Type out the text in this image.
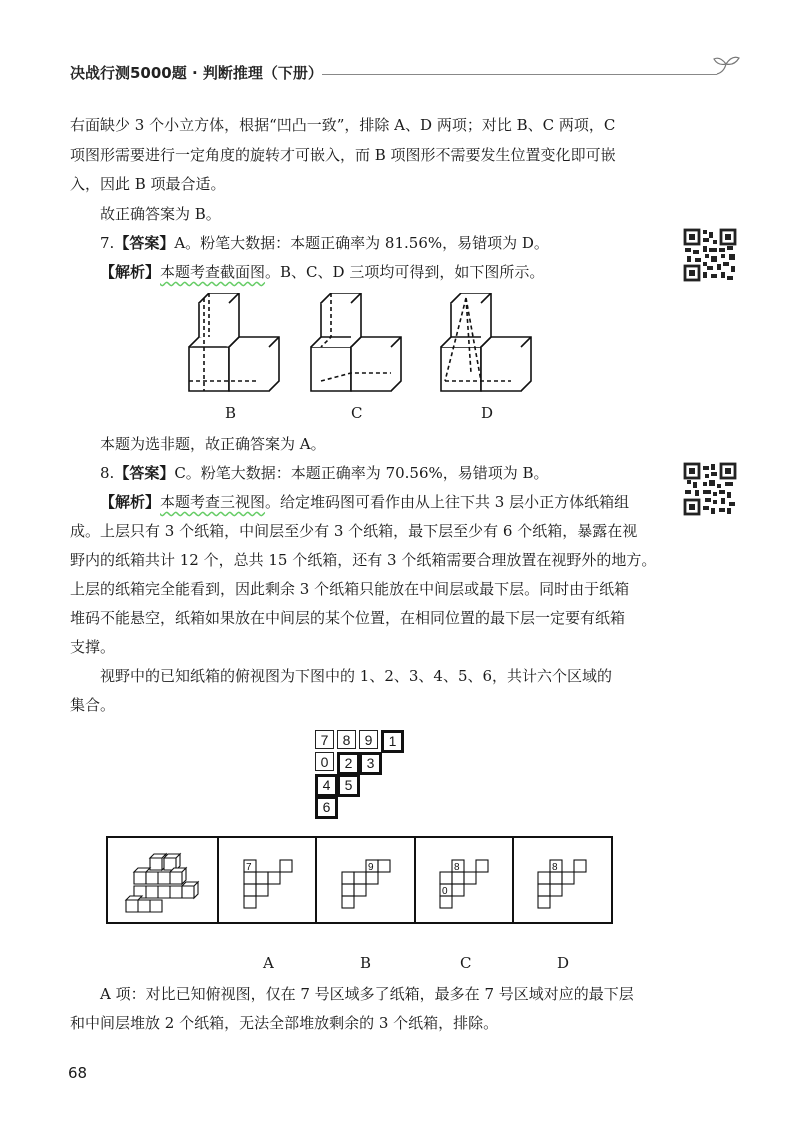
决战行测5000题 · 判断推理（下册）
右面缺少 3 个小立方体，根据“凹凸一致”，排除 A、D 两项；对比 B、C 两项，C
项图形需要进行一定角度的旋转才可嵌入，而 B 项图形不需要发生位置变化即可嵌
入，因此 B 项最合适。
故正确答案为 B。
7.【答案】A。粉笔大数据：本题正确率为 81.56%，易错项为 D。
【解析】本题考查截面图。B、C、D 三项均可得到，如下图所示。
B	C	D
本题为选非题，故正确答案为 A。
8.【答案】C。粉笔大数据：本题正确率为 70.56%，易错项为 B。
【解析】本题考查三视图。给定堆码图可看作由从上往下共 3 层小正方体纸箱组
成。上层只有 3 个纸箱，中间层至少有 3 个纸箱，最下层至少有 6 个纸箱，暴露在视
野内的纸箱共计 12 个，总共 15 个纸箱，还有 3 个纸箱需要合理放置在视野外的地方。
上层的纸箱完全能看到，因此剩余 3 个纸箱只能放在中间层或最下层。同时由于纸箱
堆码不能悬空，纸箱如果放在中间层的某个位置，在相同位置的最下层一定要有纸箱
支撑。
视野中的已知纸箱的俯视图为下图中的 1、2、3、4、5、6，共计六个区域的
集合。
7	8	9	1
0	2	3
4	5
6
7	9	8
0
8
A	B	C	D
A 项：对比已知俯视图，仅在 7 号区域多了纸箱，最多在 7 号区域对应的最下层
和中间层堆放 2 个纸箱，无法全部堆放剩余的 3 个纸箱，排除。
68
